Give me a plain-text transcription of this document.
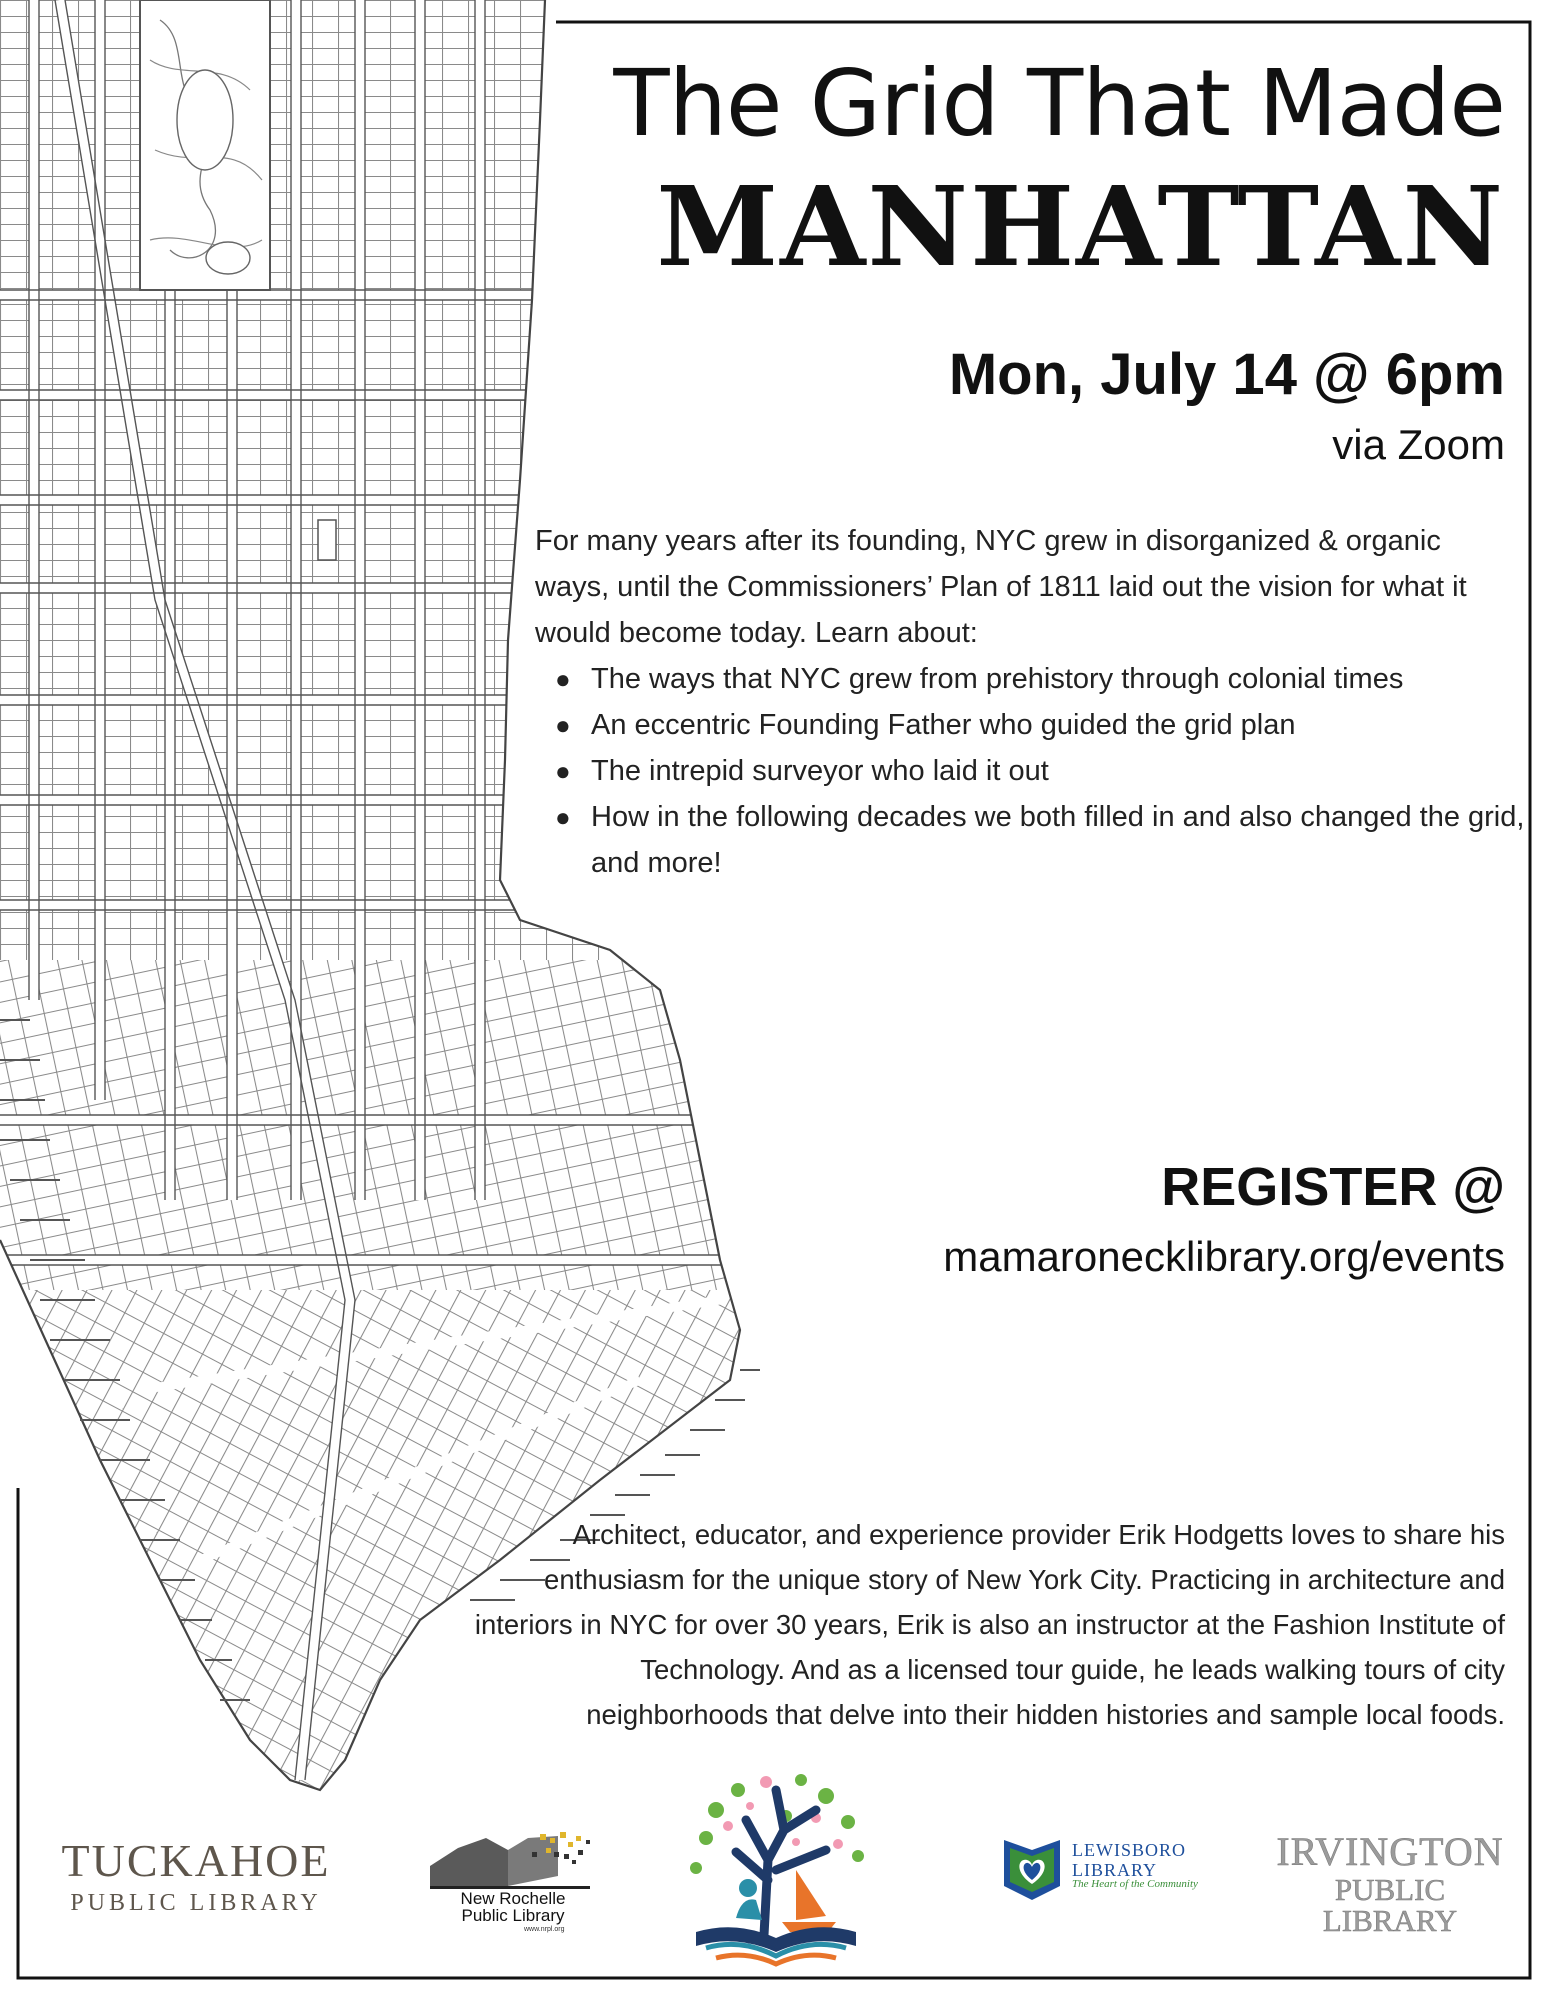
The Grid That Made
MANHATTAN
Mon, July 14 @ 6pm
via Zoom

For many years after its founding, NYC grew in disorganized & organic ways, until the Commissioners’ Plan of 1811 laid out the vision for what it would become today. Learn about:

● The ways that NYC grew from prehistory through colonial times
● An eccentric Founding Father who guided the grid plan
● The intrepid surveyor who laid it out
● How in the following decades we both filled in and also changed the grid, and more!
REGISTER @
mamaronecklibrary.org/events

Architect, educator, and experience provider Erik Hodgetts loves to share his enthusiasm for the unique story of New York City. Practicing in architecture and interiors in NYC for over 30 years, Erik is also an instructor at the Fashion Institute of Technology. And as a licensed tour guide, he leads walking tours of city neighborhoods that delve into their hidden histories and sample local foods.

TUCKAHOE
PUBLIC LIBRARY	New Rochelle
Public Library
www.nrpl.org
LEWISBORO
LIBRARY
The Heart of the Community
IRVINGTON
PUBLIC LIBRARY
